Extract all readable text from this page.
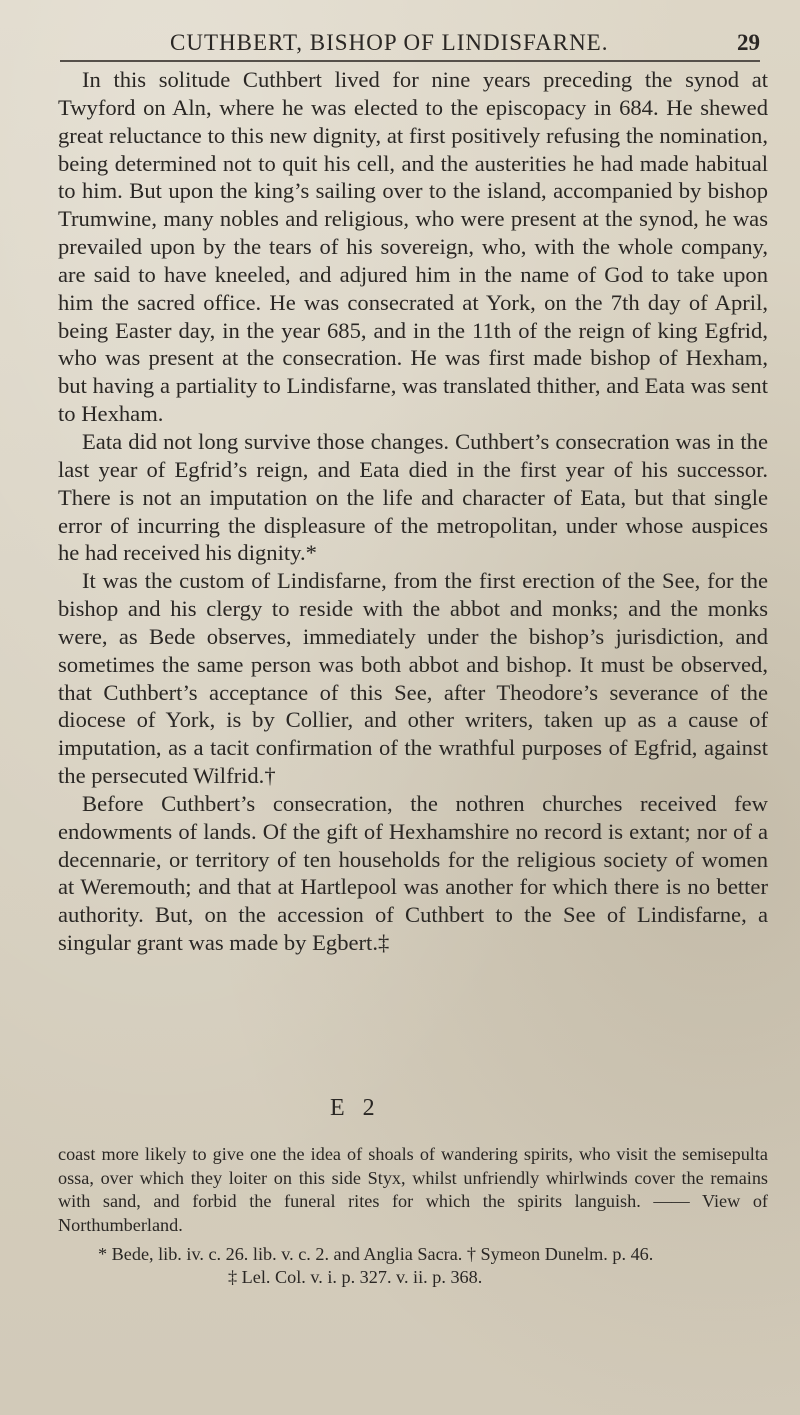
CUTHBERT, BISHOP OF LINDISFARNE.	29

In this solitude Cuthbert lived for nine years preceding the synod at Twyford on Aln, where he was elected to the episcopacy in 684. He shewed great reluctance to this new dignity, at first positively refusing the nomination, being determined not to quit his cell, and the austerities he had made habitual to him. But upon the king’s sailing over to the island, accompanied by bishop Trumwine, many nobles and religious, who were present at the synod, he was prevailed upon by the tears of his sovereign, who, with the whole company, are said to have kneeled, and adjured him in the name of God to take upon him the sacred office. He was consecrated at York, on the 7th day of April, being Easter day, in the year 685, and in the 11th of the reign of king Egfrid, who was present at the consecration. He was first made bishop of Hexham, but having a partiality to Lindisfarne, was translated thither, and Eata was sent to Hexham.

Eata did not long survive those changes. Cuthbert’s consecration was in the last year of Egfrid’s reign, and Eata died in the first year of his successor. There is not an imputation on the life and character of Eata, but that single error of incurring the displeasure of the metropolitan, under whose auspices he had received his dignity.*

It was the custom of Lindisfarne, from the first erection of the See, for the bishop and his clergy to reside with the abbot and monks; and the monks were, as Bede observes, immediately under the bishop’s jurisdiction, and sometimes the same person was both abbot and bishop. It must be observed, that Cuthbert’s acceptance of this See, after Theodore’s severance of the diocese of York, is by Collier, and other writers, taken up as a cause of imputation, as a tacit confirmation of the wrathful purposes of Egfrid, against the persecuted Wilfrid.†

Before Cuthbert’s consecration, the nothren churches received few endowments of lands. Of the gift of Hexhamshire no record is extant; nor of a decennarie, or territory of ten households for the religious society of women at Weremouth; and that at Hartlepool was another for which there is no better authority. But, on the accession of Cuthbert to the See of Lindisfarne, a singular grant was made by Egbert.‡

E 2

coast more likely to give one the idea of shoals of wandering spirits, who visit the semisepulta ossa, over which they loiter on this side Styx, whilst unfriendly whirlwinds cover the remains with sand, and forbid the funeral rites for which the spirits languish. —— View of Northumberland.

* Bede, lib. iv. c. 26. lib. v. c. 2. and Anglia Sacra. † Symeon Dunelm. p. 46.
‡ Lel. Col. v. i. p. 327. v. ii. p. 368.
